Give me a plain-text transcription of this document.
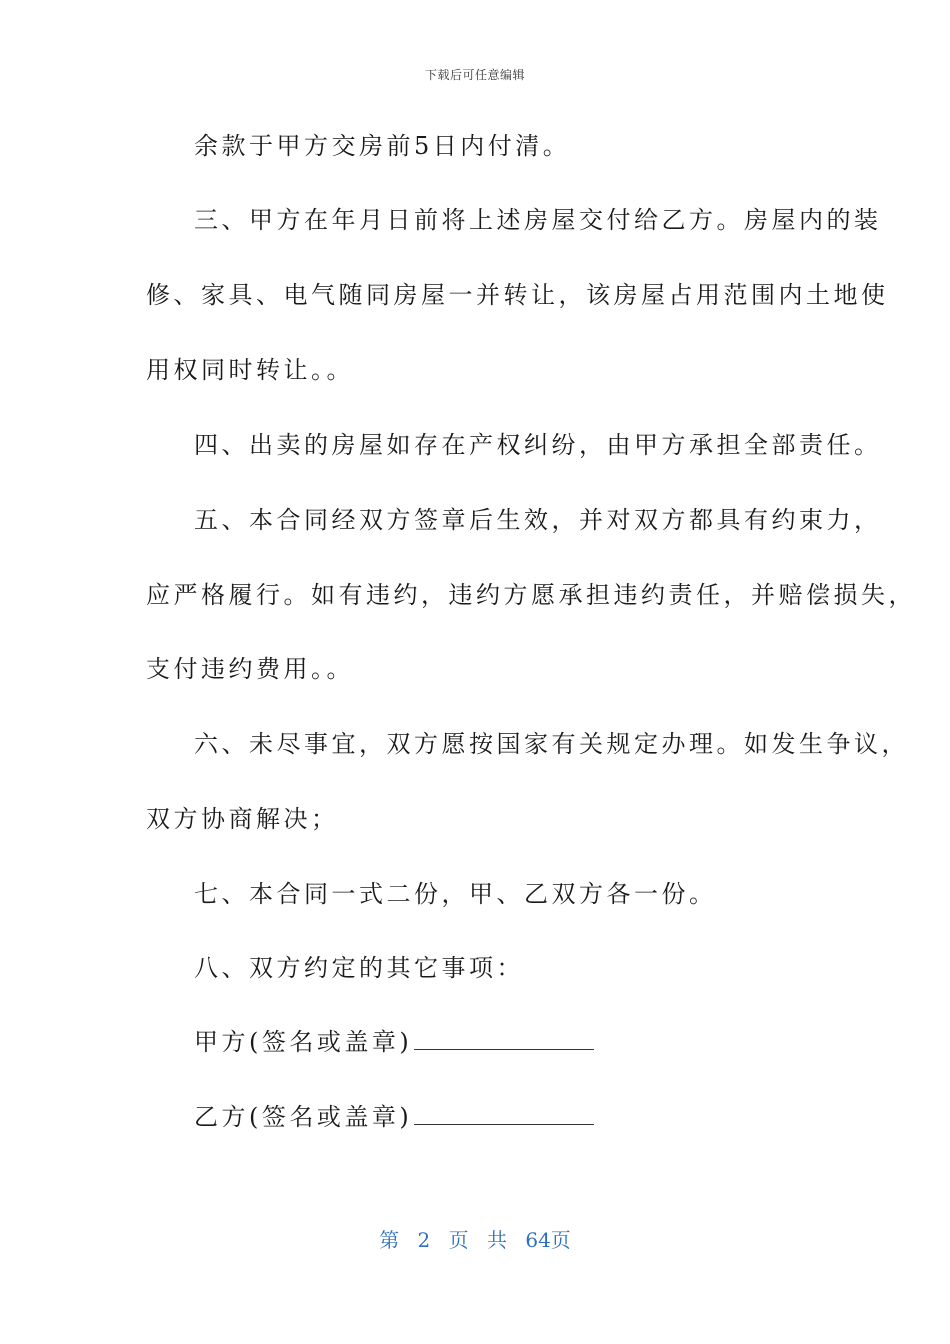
下载后可任意编辑
余款于甲方交房前5日内付清。
三、甲方在年月日前将上述房屋交付给乙方。房屋内的装
修、家具、电气随同房屋一并转让，该房屋占用范围内土地使
用权同时转让。。
四、出卖的房屋如存在产权纠纷，由甲方承担全部责任。
五、本合同经双方签章后生效，并对双方都具有约束力，
应严格履行。如有违约，违约方愿承担违约责任，并赔偿损失，
支付违约费用。。
六、未尽事宜，双方愿按国家有关规定办理。如发生争议，
双方协商解决；
七、本合同一式二份，甲、乙双方各一份。
八、双方约定的其它事项：
甲方(签名或盖章)
乙方(签名或盖章)
第 2 页 共 64页
